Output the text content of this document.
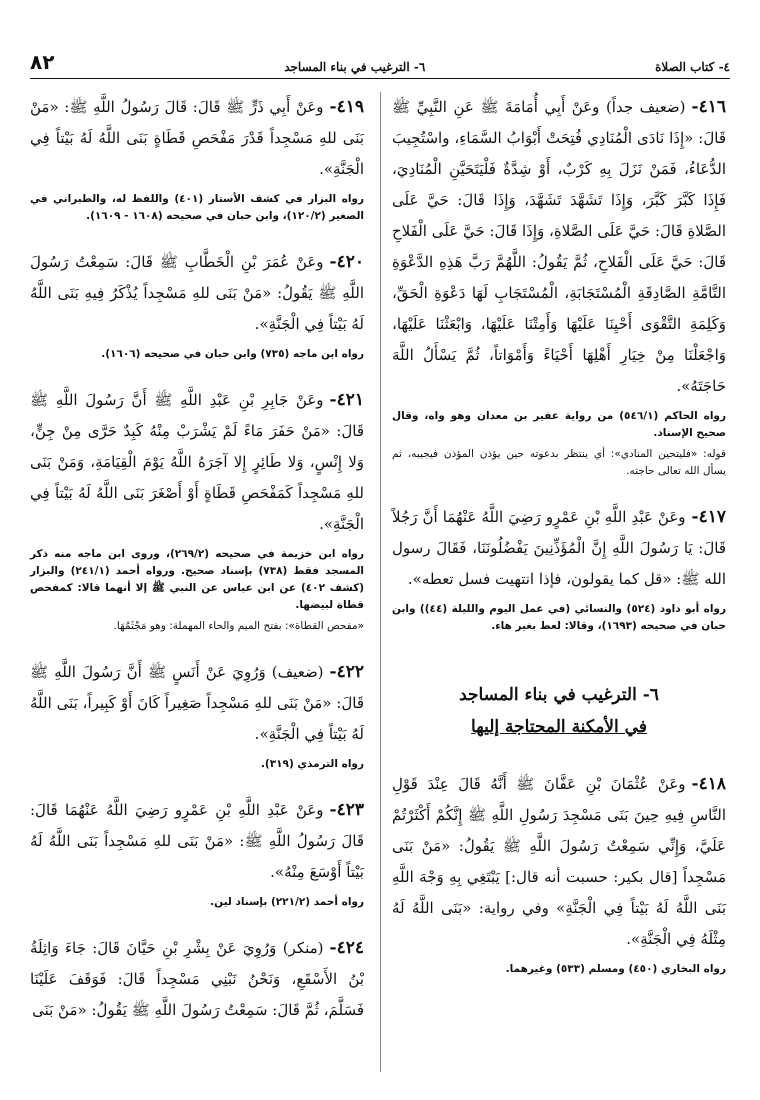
٤- كتاب الصلاة
٦- الترغيب في بناء المساجد
٨٢

٤١٦-(ضعيف جداً) وعَنْ أَبِي أُمَامَةَ ﷺ عَنِ النَّبِيِّ ﷺ قَالَ: «إِذَا نَادَى الْمُنَادِي فُتِحَتْ أَبْوَابُ السَّمَاءِ، واسْتُجِيبَ الدُّعَاءُ، فَمَنْ نَزَلَ بِهِ كَرْبٌ، أَوْ شِدَّةٌ فَلْيَتَحَيَّنِ الْمُنَادِيَ، فَإِذَا كَبَّرَ كَبَّرَ، وَإِذَا تَشَهَّدَ تَشَهَّدَ، وَإِذَا قَالَ: حَيَّ عَلَى الصَّلاةِ قَالَ: حَيَّ عَلَى الصَّلاةِ، وَإِذَا قَالَ: حَيَّ عَلَى الْفَلاحِ قَالَ: حَيَّ عَلَى الْفَلاحِ، ثُمَّ يَقُولُ: اللَّهُمَّ رَبَّ هَذِهِ الدَّعْوَةِ التَّامَّةِ الصَّادِقَةِ الْمُسْتَجَابَةِ، الْمُسْتَجَابِ لَهَا دَعْوَةِ الْحَقِّ، وَكَلِمَةِ التَّقْوَى أَحْيِنَا عَلَيْهَا وَأَمِتْنَا عَلَيْهَا، وَابْعَثْنَا عَلَيْهَا، وَاجْعَلْنَا مِنْ خِيَارِ أَهْلِهَا أَحْيَاءً وَأَمْوَاتاً، ثُمَّ يَسْأَلُ اللَّهَ حَاجَتَهُ».

رواه الحاكم (٥٤٦/١) من رواية عفير بن معدان وهو واه، وقال صحيح الإسناد.

قوله: «فليتحين المنادي»: أي ينتظر بدعوته حين يؤذن المؤذن فيجيبه، ثم يسأل الله تعالى حاجته.

٤١٧-وعَنْ عَبْدِ اللَّهِ بْنِ عَمْرٍو رَضِيَ اللَّهُ عَنْهُمَا أَنَّ رَجُلاً قَالَ: يَا رَسُولَ اللَّهِ إِنَّ الْمُؤَذِّنِينَ يَفْضُلُونَنَا، فَقَالَ رسول الله ﷺ: «قل كما يقولون، فإذا انتهيت فسل تعطه».

رواه أبو داود (٥٢٤) والنسائي (في عمل اليوم والليلة (٤٤)) وابن حبان في صحيحه (١٦٩٣)، وقالا: لعط بغير هاء.

٦- الترغيب في بناء المساجد
في الأمكنة المحتاجة إليها

٤١٨-وعَنْ عُثْمَانَ بْنِ عَفَّانَ ﷺ أَنَّهُ قَالَ عِنْدَ قَوْلِ النَّاسِ فِيهِ حِينَ بَنَى مَسْجِدَ رَسُولِ اللَّهِ ﷺ إِنَّكُمْ أَكْثَرْتُمْ عَلَيَّ، وَإِنِّي سَمِعْتُ رَسُولَ اللَّهِ ﷺ يَقُولُ: «مَنْ بَنَى مَسْجِداً [قال بكير: حسبت أنه قال:] يَبْتَغِي بِهِ وَجْهَ اللَّهِ بَنَى اللَّهُ لَهُ بَيْتاً فِي الْجَنَّةِ» وفي رواية: «بَنَى اللَّهُ لَهُ مِثْلَهُ فِي الْجَنَّةِ».

رواه البخاري (٤٥٠) ومسلم (٥٣٣) وغيرهما.

٤١٩-وعَنْ أَبِي ذَرٍّ ﷺ قَالَ: قَالَ رَسُولُ اللَّهِ ﷺ: «مَنْ بَنَى للهِ مَسْجِداً قَدْرَ مَفْحَصِ قَطَاةٍ بَنَى اللَّهُ لَهُ بَيْتاً فِي الْجَنَّةِ».

رواه البزار في كشف الأستار (٤٠١) واللفظ له، والطبراني في الصغير (١٢٠/٢)، وابن حبان في صحيحه (١٦٠٨ - ١٦٠٩).

٤٢٠-وعَنْ عُمَرَ بْنِ الْخَطَّابِ ﷺ قَالَ: سَمِعْتُ رَسُولَ اللَّهِ ﷺ يَقُولُ: «مَنْ بَنَى للهِ مَسْجِداً يُذْكَرُ فِيهِ بَنَى اللَّهُ لَهُ بَيْتاً فِي الْجَنَّةِ».

رواه ابن ماجه (٧٣٥) وابن حبان في صحيحه (١٦٠٦).

٤٢١-وعَنْ جَابِرِ بْنِ عَبْدِ اللَّهِ ﷺ أَنَّ رَسُولَ اللَّهِ ﷺ قَالَ: «مَنْ حَفَرَ مَاءً لَمْ يَشْرَبْ مِنْهُ كَبِدٌ حَرَّى مِنْ جِنٍّ، وَلا إِنْسٍ، وَلا طَائِرٍ إِلا آجَرَهُ اللَّهُ يَوْمَ الْقِيَامَةِ، وَمَنْ بَنَى للهِ مَسْجِداً كَمَفْحَصِ قَطَاةٍ أَوْ أَصْغَرَ بَنَى اللَّهُ لَهُ بَيْتاً فِي الْجَنَّةِ».

رواه ابن خزيمة في صحيحه (٢٦٩/٢)، وروى ابن ماجه منه ذكر المسجد فقط (٧٣٨) بإسناد صحيح. ورواه أحمد (٢٤١/١) والبزار (كشف ٤٠٢) عن ابن عباس عن النبي ﷺ إلا أنهما قالا: كمفحص قطاة لبيضها.

«مفحص القطاة»: بفتح الميم والحاء المهملة: وهو مَجْثَمُهَا.

٤٢٢-(ضعيف) وَرُوِيَ عَنْ أَنَسٍ ﷺ أَنَّ رَسُولَ اللَّهِ ﷺ قَالَ: «مَنْ بَنَى للهِ مَسْجِداً صَغِيراً كَانَ أَوْ كَبِيراً، بَنَى اللَّهُ لَهُ بَيْتاً فِي الْجَنَّةِ».

رواه الترمذي (٣١٩).

٤٢٣-وعَنْ عَبْدِ اللَّهِ بْنِ عَمْرٍو رَضِيَ اللَّهُ عَنْهُمَا قَالَ: قَالَ رَسُولُ اللَّهِ ﷺ: «مَنْ بَنَى للهِ مَسْجِداً بَنَى اللَّهُ لَهُ بَيْتاً أَوْسَعَ مِنْهُ».

رواه أحمد (٢٢١/٢) بإسناد لين.

٤٢٤-(منكر) وَرُوِيَ عَنْ بِشْرِ بْنِ حَيَّانَ قَالَ: جَاءَ وَاثِلَةُ بْنُ الأَسْقَعِ، وَنَحْنُ نَبْنِي مَسْجِداً قَالَ: فَوَقَفَ عَلَيْنَا فَسَلَّمَ، ثُمَّ قَالَ: سَمِعْتُ رَسُولَ اللَّهِ ﷺ يَقُولُ: «مَنْ بَنَى
